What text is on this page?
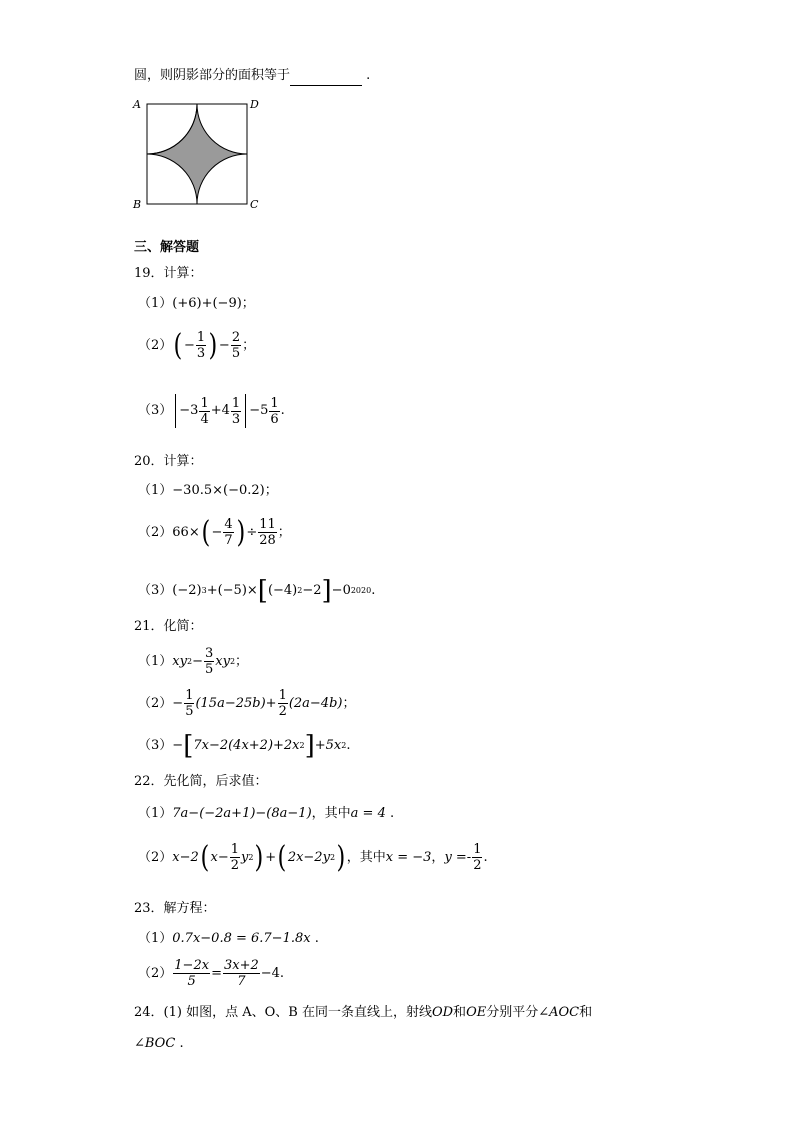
圆，则阴影部分的面积等于	.
A	D
B	C
三、解答题
19．计算：
（1）(+6)+(−9)；
（2） ( − $\frac{1}{3}$ ) − $\frac{2}{5}$ ；
$(3) -3 \frac{1}{4} +4 \frac{1}{3} -5 \frac{1}{6}$ .
20．计算：
（1）−30.5×(−0.2)；
（2） 66× ( − $\frac{4}{7}$ ) ÷ $\frac{11}{28}$ ；
（3） (−2) 3 +(−5)× [ (−4) 2 −2 ] −0 2020 .
21．化简：
（1） xy $2 - \frac{3}{5}$ xy 2 ；
$(2) - \frac{1}{5} (15a-25b)+ \frac{1}{2} (2a-4b)$ ；
（3） − [ 7x−2(4x+2)+2x 2 ] +5x 2 .
22．先化简，后求值：
（1）7a−(−2a+1)−(8a−1)，其中a = 4 .
（2） x−2 ( $x- \frac{1}{2}$ y 2 ) + ( 2x−2y 2 ) ，其中 x = −3 ， $y =- \frac{1}{2}$ .
23．解方程：
（1）0.7x−0.8 = 6.7−1.8x .
$(2) \frac{1-2x}{5} = \frac{3x+2}{7} -4$ .
24．(1) 如图，点 A、O、B 在同一条直线上，射线OD和OE分别平分∠AOC和
∠BOC .
